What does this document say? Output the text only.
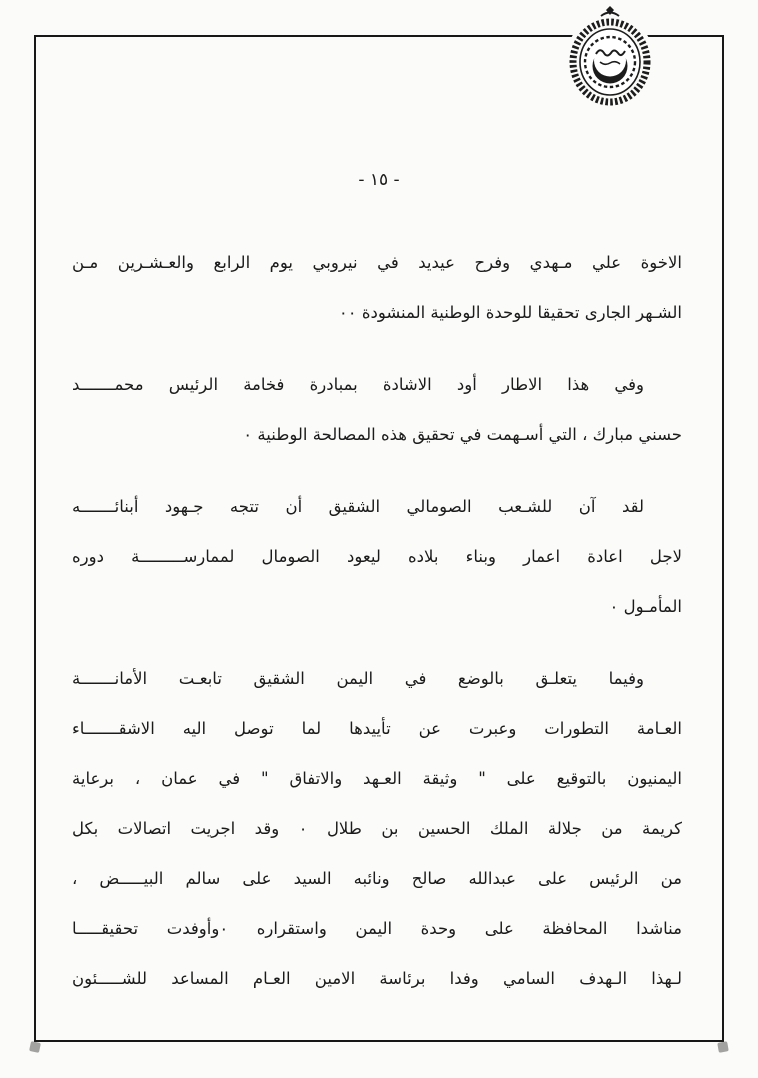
- ١٥ -
الاخوة علي مـهدي وفرح عيديد في نيروبي يوم الرابع والعـشـرين مـن
الشـهر الجارى تحقيقا للوحدة الوطنية المنشودة ٠٠
وفي هذا الاطار أود الاشادة بمبادرة فخامة الرئيس محمـــــــد
حسني مبارك ، التي أسـهمت في تحقيق هذه المصالحة الوطنية ٠
لقد آن للشـعب الصومالي الشقيق أن تتجه جـهود أبنائـــــــه
لاجل اعادة اعمار وبناء بلاده ليعود الصومال لممارســـــــــة دوره
المأمـول ٠
وفيما يتعلـق بالوضع في اليمن الشقيق تابعـت الأمانـــــــة
العـامة التطورات وعبرت عن تأييدها لما توصل اليه الاشقـــــــاء
اليمنيون بالتوقيع على " وثيقة العـهد والاتفاق " في عمان ، برعاية
كريمة من جلالة الملك الحسين بن طلال ٠ وقد اجريت اتصالات بكل
من الرئيس على عبدالله صالح ونائبه السيد على سالم البيـــــض ،
مناشدا المحافظة على وحدة اليمن واستقراره ٠وأوفدت تحقيقـــــا
لـهذا الـهدف السامي وفدا برئاسة الامين العـام المساعد للشـــــئون
